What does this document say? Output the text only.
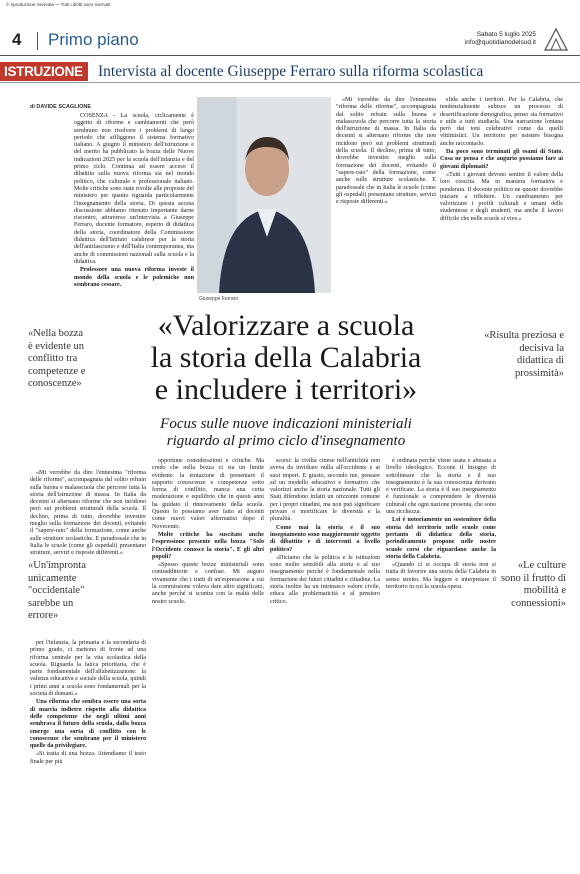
© riproduzione riservata — Tutti i diritti sono riservati
4 Primo piano	Sabato 5 luglio 2025
info@quotidianodelsud.it
ISTRUZIONE Intervista al docente Giuseppe Ferraro sulla riforma scolastica
di DAVIDE SCAGLIONE

COSENZA - La scuola, ciclicamente è oggetto di riforme e cambiamenti che però sembrano non risolvere i problemi di lungo periodo che affliggono il sistema formativo italiano. A giugno il ministero dell'istruzione e del merito ha pubblicato la bozza delle Nuove indicazioni 2025 per la scuola dell'infanzia e del primo ciclo. Continua ad essere acceso il dibattito sulla nuova riforma sia nel mondo politico, che culturale e professionale italiano. Molte critiche sono state rivolte alle proposte del ministero per quanto riguarda particolarmente l'insegnamento della storia. Di questa accesa discussione abbiamo ritenuto importante darne riscontro, attraverso un'intervista a Giuseppe Ferraro, docente formatore, esperto di didattica della storia, coordinatore della Commissione didattica dell'Istituto calabrese per la storia dell'antifascismo e dell'Italia contemporanea, ma anche di commissioni nazionali sulla scuola e la didattica.

Professore una nuova riforma investe il mondo della scuola e le polemiche non sembrano cessare.

«Nella bozza è evidente un conflitto tra competenze e conoscenze»
Giuseppe Ferraro

«Mi verrebbe da dire l'ennesima "riforma delle riforme", accompagnata dal solito refrain sulla buona e malasscuola che percorre tutta la storia dell'istruzione di massa. In Italia da decenni si alternano riforme che non incidono però sui problemi strutturali della scuola. Il declino, prima di tutto, dovrebbe investire meglio sulla formazione dei docenti, evitando il "sapere-rato" della formazione, come anche sulle strutture scolastiche. E paradossale che in Italia le scuole (come gli ospedali) presentano strutture, servizi e risposte differenti.»

sfida anche i territori. Per la Calabria, che tendenzialmente subisce un processo di desertificazione demografica, penso sia formativo e utile a tutti studiarla. Una narrazione lontana però dai toni celebrativi come da quelli vittimistici. Un territorio per esistere bisogna anche raccontarlo.

Da poco sono terminati gli esami di Stato. Cosa ne pensa e che augurio possiamo fare ai giovani diplomati?

«Tutti i giovani devono sentire il valore della loro crescita. Ma in maniera formativa e ponderata. Il docente politico ne questo dovrebbe iniziare a riflettere. Un cambiamento per valorizzare i profili culturali e umani delle studentesse e degli studenti, ma anche il lavoro difficile che nelle scuole si vive.»

«Valorizzare a scuola
la storia della Calabria
e includere i territori»
Focus sulle nuove indicazioni ministeriali
riguardo al primo ciclo d'insegnamento
«Risulta preziosa e decisiva la didattica di prossimità»

«Mi verrebbe da dire l'ennesima "riforma delle riforme", accompagnata dal solito refrain sulla buona e malasscuola che percorre tutta la storia dell'istruzione di massa. In Italia da decenni si alternano riforme che non incidono però sui problemi strutturali della scuola. Il declino, prima di tutto, dovrebbe investire meglio sulla formazione dei docenti, evitando il "sapere-rato" della formazione, come anche sulle strutture scolastiche. E paradossale che in Italia le scuole (come gli ospedali) presentano strutture, servizi e risposte differenti.»

«Un'impronta unicamente "occidentale" sarebbe un errore»

per l'infanzia, la primaria e la secondaria di primo grado, ci mettono di fronte ad una riforma centrale per la vita scolastica della scuola. Riguarda la fatica prioritaria, che è parte fondamentale dell'alfabetizzazione: la valenza educativa e sociale della scuola, quindi i primi anni a scuola sono fondamentali per la società di domani.»

Una riforma che sembra essere una sorta di marcia indietro rispetto alla didattica delle competenze che negli ultimi anni sembrava il futuro della scuola, dalla bozza emerge una sorta di conflitto con le conoscenze che sembrano per il ministero quelle da privilegiare.

«Si tratta di una bozza. Attendiamo il testo finale per più

opportune considerazioni e critiche. Ma credo che nella bozza ci sia un limite evidente: la tentazione di presentare il rapporto conoscenze e competenze sotto forma di conflitto, manca una certa moderazione e equilibrio che in questi anni ha guidato il rinnovamento della scuola. Questo lo possiamo aver fatto ai docenti come nuovi valori affermatisi dopo il Novecento.

Molte critiche ha suscitato anche l'espressione presente nella bozza "Solo l'Occidente conosce la storia". E gli altri popoli?

«Spesso queste bozze ministeriali sono contraddittorie e confuse. Mi auguro vivamente che i tratti di un'espressione a cui la commissione voleva dare altro significato, anche perché si scontra con la realtà delle nostre scuole.

scorsi: la civiltà cinese nell'antichità non aveva da invidiare nulla all'occidente e ai suoi imperi. E giusto, secondo me, pensare ad un modello educativo e formativo che valorizzi anche la storia nazionale. Tutti gli Stati difendono infatti un orizzonte comune per i propri cittadini, ma non può significare privare o mortificare le diversità e la pluralità.

Come mai la storia e il suo insegnamento sono maggiormente oggetto di dibattito e di interventi a livello politico?

«Diciamo che la politica e le istituzioni sono molto sensibili alla storia e al suo insegnamento perché è fondamentale nella formazione dei futuri cittadini e cittadine. La storia inoltre ha un intrinseco valore civile, educa alla problematicità e al pensiero critico.

è ordinata perché viene usata e abusata a livello ideologico. Eccone il bisogno di sottolineare che la storia e il suo insegnamento è la sua conoscenza derivano e verificate. La storia è il suo insegnamento è funzionale a comprendere le diversità culturali che ogni nazione presenta, che sono una ricchezza.

Lei è notoriamente un sostenitore della storia del territorio nelle scuole come pertanto di didattica della storia, periodicamente propone nelle nostre scuole corsi che riguardano anche la storia della Calabria.

«Quando ci si occupa di storia non si tratta di favorire una storia della Calabria in senso stretto. Ma leggere e interpretare il territorio in cui la scuola opera.

«Le culture sono il frutto di mobilità e connessioni»
